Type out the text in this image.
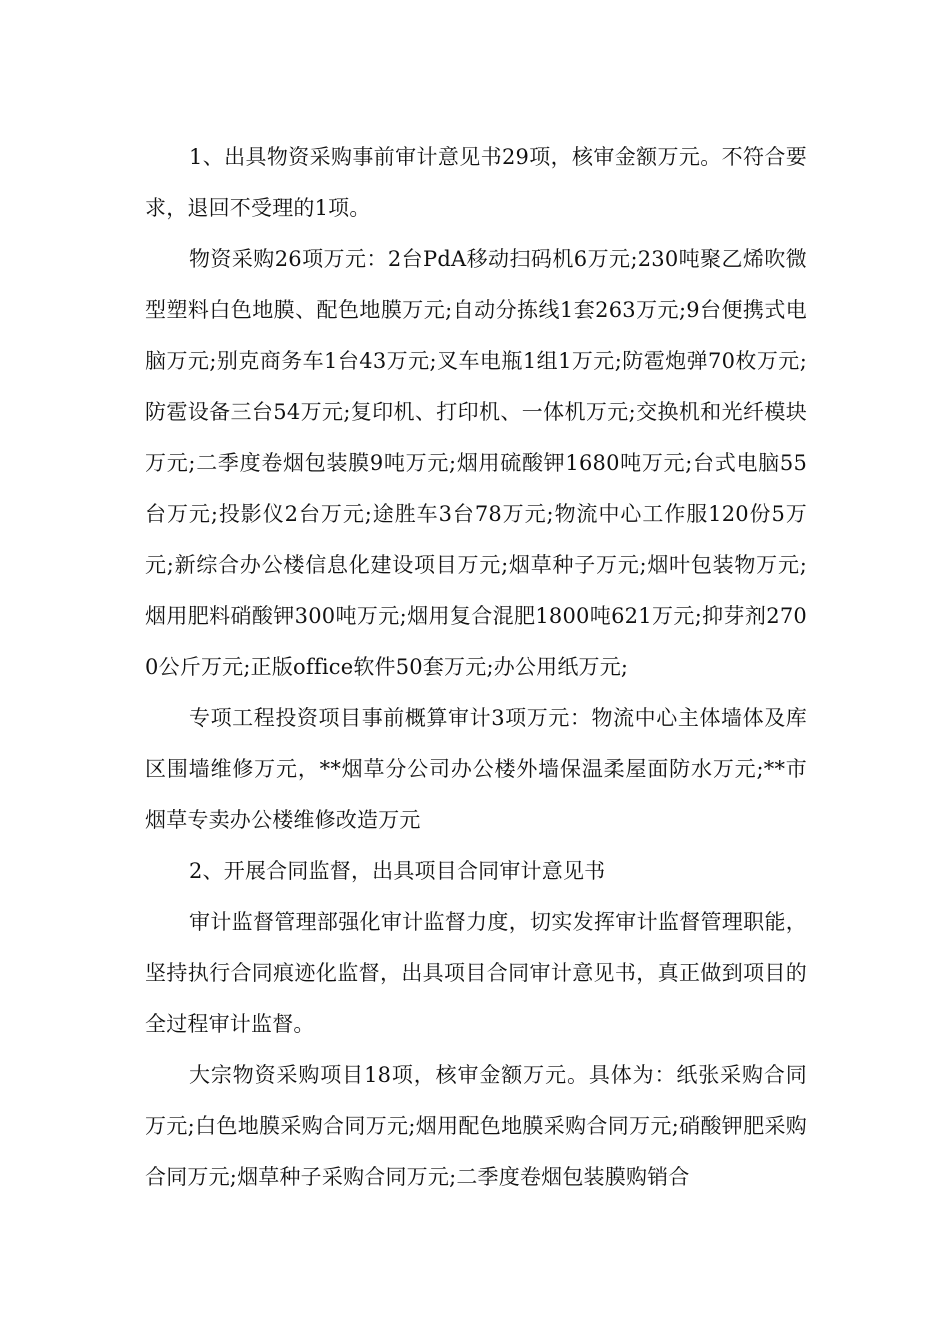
1、出具物资采购事前审计意见书29项，核审金额万元。不符合要求，退回不受理的1项。

物资采购26项万元：2台PdA移动扫码机6万元;230吨聚乙烯吹微型塑料白色地膜、配色地膜万元;自动分拣线1套263万元;9台便携式电脑万元;别克商务车1台43万元;叉车电瓶1组1万元;防雹炮弹70枚万元;防雹设备三台54万元;复印机、打印机、一体机万元;交换机和光纤模块万元;二季度卷烟包装膜9吨万元;烟用硫酸钾1680吨万元;台式电脑55台万元;投影仪2台万元;途胜车3台78万元;物流中心工作服120份5万元;新综合办公楼信息化建设项目万元;烟草种子万元;烟叶包装物万元;烟用肥料硝酸钾300吨万元;烟用复合混肥1800吨621万元;抑芽剂2700公斤万元;正版office软件50套万元;办公用纸万元;

专项工程投资项目事前概算审计3项万元：物流中心主体墙体及库区围墙维修万元，**烟草分公司办公楼外墙保温柔屋面防水万元;**市烟草专卖办公楼维修改造万元

2、开展合同监督，出具项目合同审计意见书

审计监督管理部强化审计监督力度，切实发挥审计监督管理职能，坚持执行合同痕迹化监督，出具项目合同审计意见书，真正做到项目的全过程审计监督。

大宗物资采购项目18项，核审金额万元。具体为：纸张采购合同万元;白色地膜采购合同万元;烟用配色地膜采购合同万元;硝酸钾肥采购合同万元;烟草种子采购合同万元;二季度卷烟包装膜购销合
